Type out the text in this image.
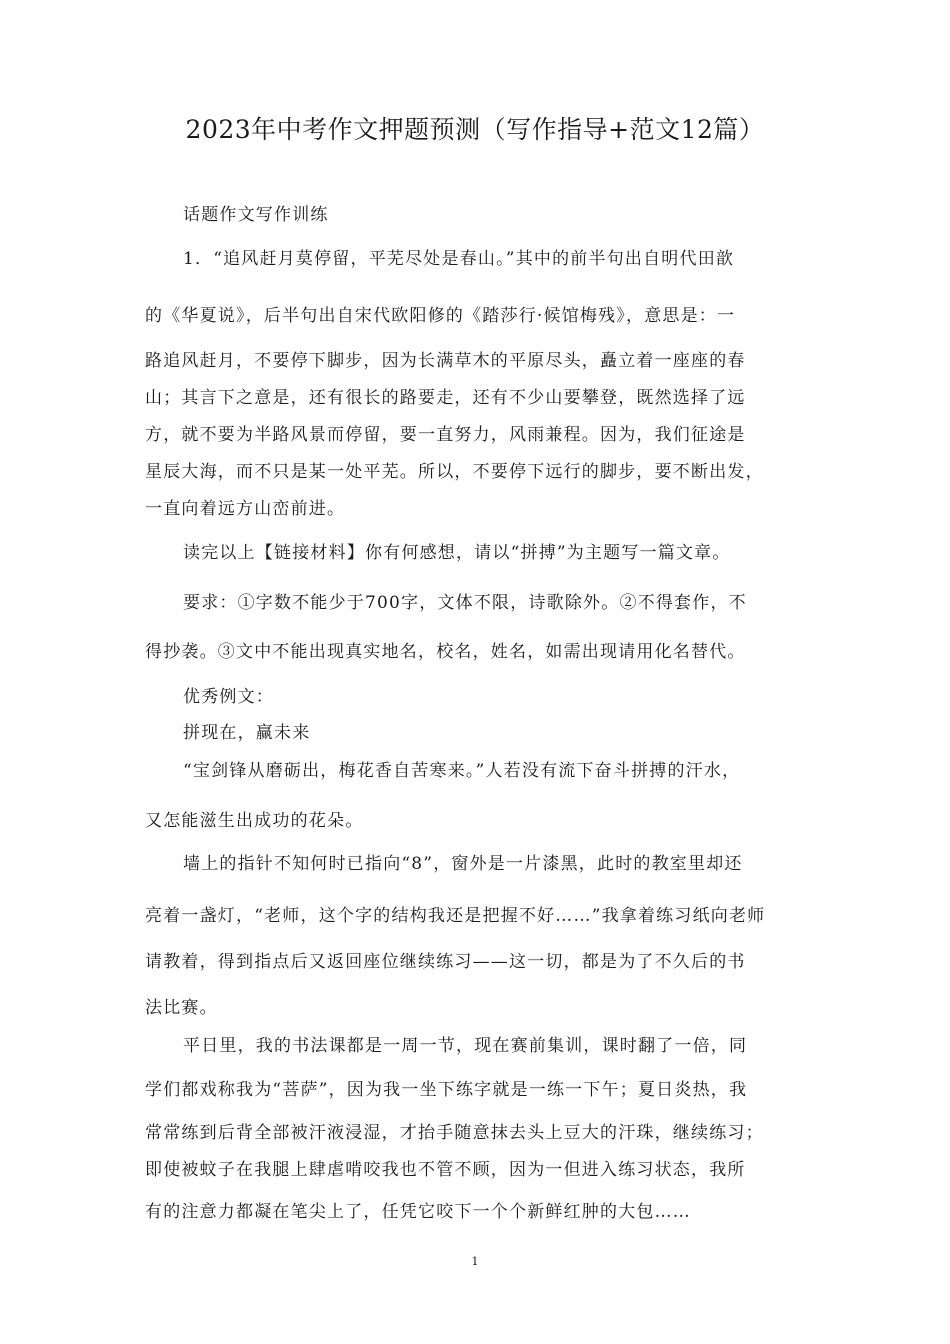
2023年中考作文押题预测（写作指导+范文12篇）
话题作文写作训练
1．“追风赶月莫停留，平芜尽处是春山。”其中的前半句出自明代田歆
的《华夏说》，后半句出自宋代欧阳修的《踏莎行·候馆梅残》，意思是：一
路追风赶月，不要停下脚步，因为长满草木的平原尽头，矗立着一座座的春
山；其言下之意是，还有很长的路要走，还有不少山要攀登，既然选择了远
方，就不要为半路风景而停留，要一直努力，风雨兼程。因为，我们征途是
星辰大海，而不只是某一处平芜。所以，不要停下远行的脚步，要不断出发，
一直向着远方山峦前进。
读完以上【链接材料】你有何感想，请以“拼搏”为主题写一篇文章。
要求：①字数不能少于700字，文体不限，诗歌除外。②不得套作，不
得抄袭。③文中不能出现真实地名，校名，姓名，如需出现请用化名替代。
优秀例文：
拼现在，赢未来
“宝剑锋从磨砺出，梅花香自苦寒来。”人若没有流下奋斗拼搏的汗水，
又怎能滋生出成功的花朵。
墙上的指针不知何时已指向“8”，窗外是一片漆黑，此时的教室里却还
亮着一盏灯，“老师，这个字的结构我还是把握不好……”我拿着练习纸向老师
请教着，得到指点后又返回座位继续练习——这一切，都是为了不久后的书
法比赛。
平日里，我的书法课都是一周一节，现在赛前集训，课时翻了一倍，同
学们都戏称我为“菩萨”，因为我一坐下练字就是一练一下午；夏日炎热，我
常常练到后背全部被汗液浸湿，才抬手随意抹去头上豆大的汗珠，继续练习；
即使被蚊子在我腿上肆虐啃咬我也不管不顾，因为一但进入练习状态，我所
有的注意力都凝在笔尖上了，任凭它咬下一个个新鲜红肿的大包……
1
